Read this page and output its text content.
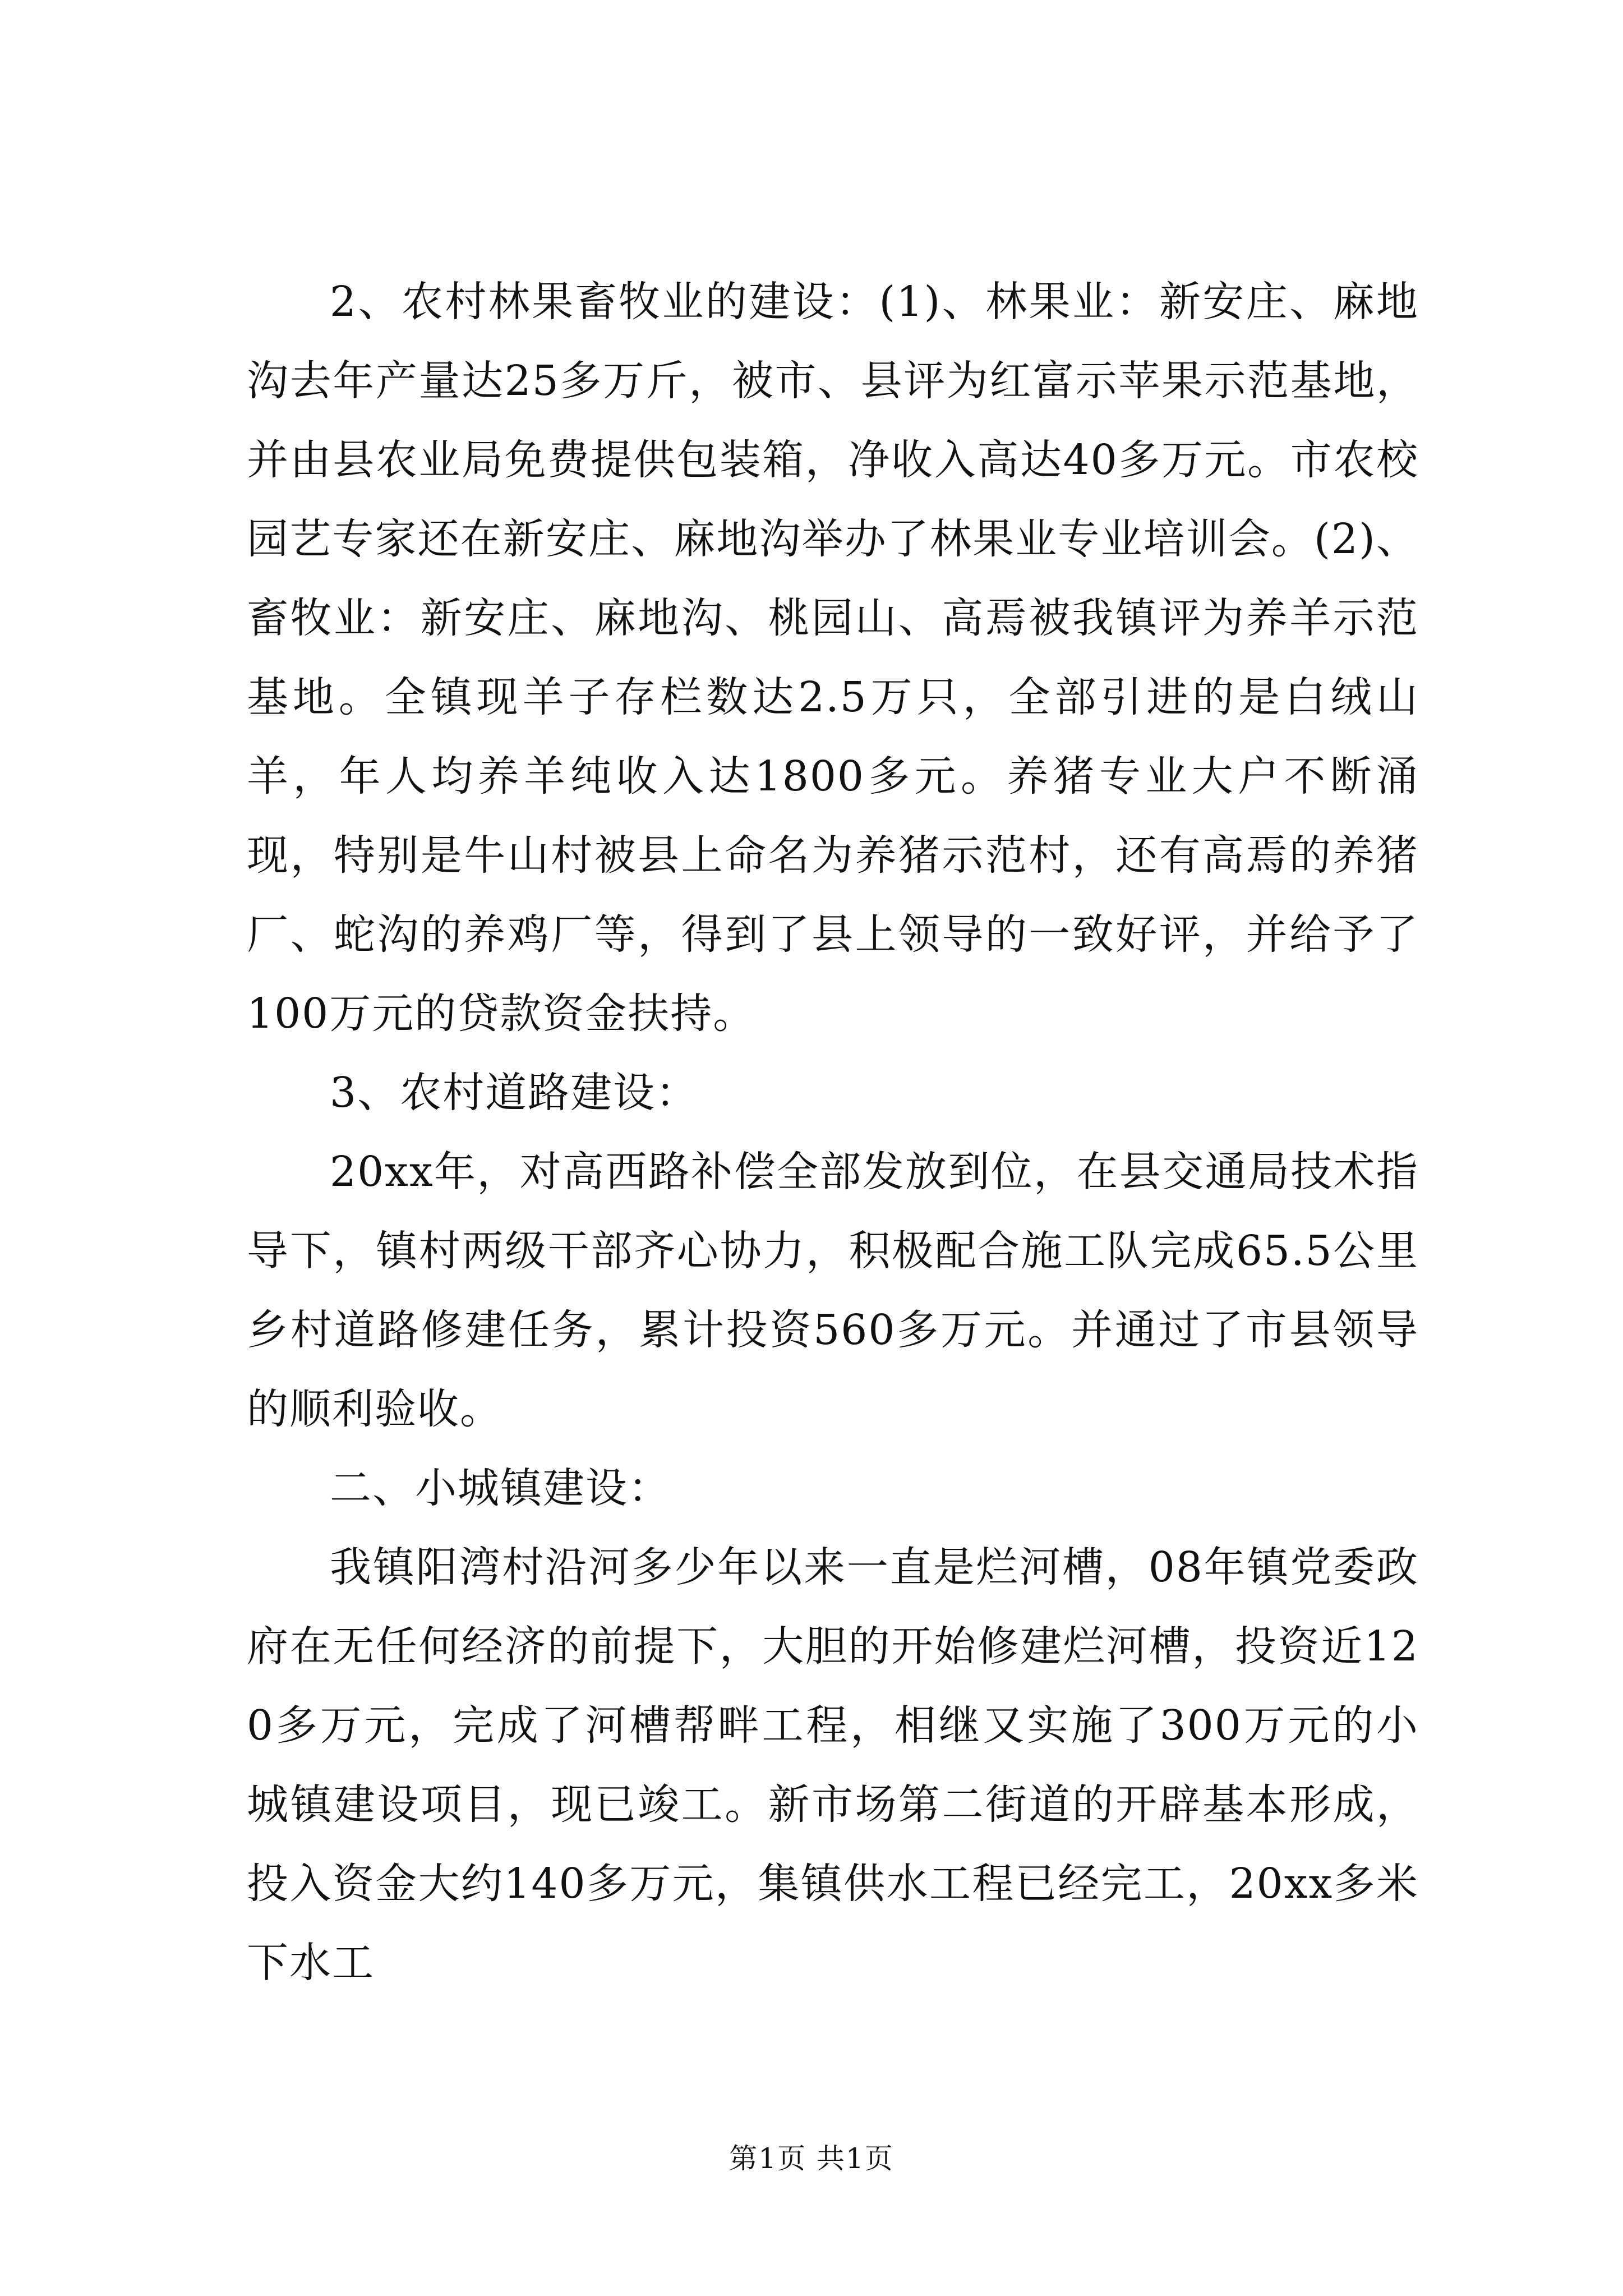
2、农村林果畜牧业的建设：(1)、林果业：新安庄、麻地沟去年产量达25多万斤，被市、县评为红富示苹果示范基地，并由县农业局免费提供包装箱，净收入高达40多万元。市农校园艺专家还在新安庄、麻地沟举办了林果业专业培训会。(2)、畜牧业：新安庄、麻地沟、桃园山、高焉被我镇评为养羊示范基地。全镇现羊子存栏数达2.5万只，全部引进的是白绒山羊，年人均养羊纯收入达1800多元。养猪专业大户不断涌现，特别是牛山村被县上命名为养猪示范村，还有高焉的养猪厂、蛇沟的养鸡厂等，得到了县上领导的一致好评，并给予了100万元的贷款资金扶持。

3、农村道路建设：

20xx年，对高西路补偿全部发放到位，在县交通局技术指导下，镇村两级干部齐心协力，积极配合施工队完成65.5公里乡村道路修建任务，累计投资560多万元。并通过了市县领导的顺利验收。

二、小城镇建设：

我镇阳湾村沿河多少年以来一直是烂河槽，08年镇党委政府在无任何经济的前提下，大胆的开始修建烂河槽，投资近120多万元，完成了河槽帮畔工程，相继又实施了300万元的小城镇建设项目，现已竣工。新市场第二街道的开辟基本形成，投入资金大约140多万元，集镇供水工程已经完工，20xx多米下水工

第1页 共1页
